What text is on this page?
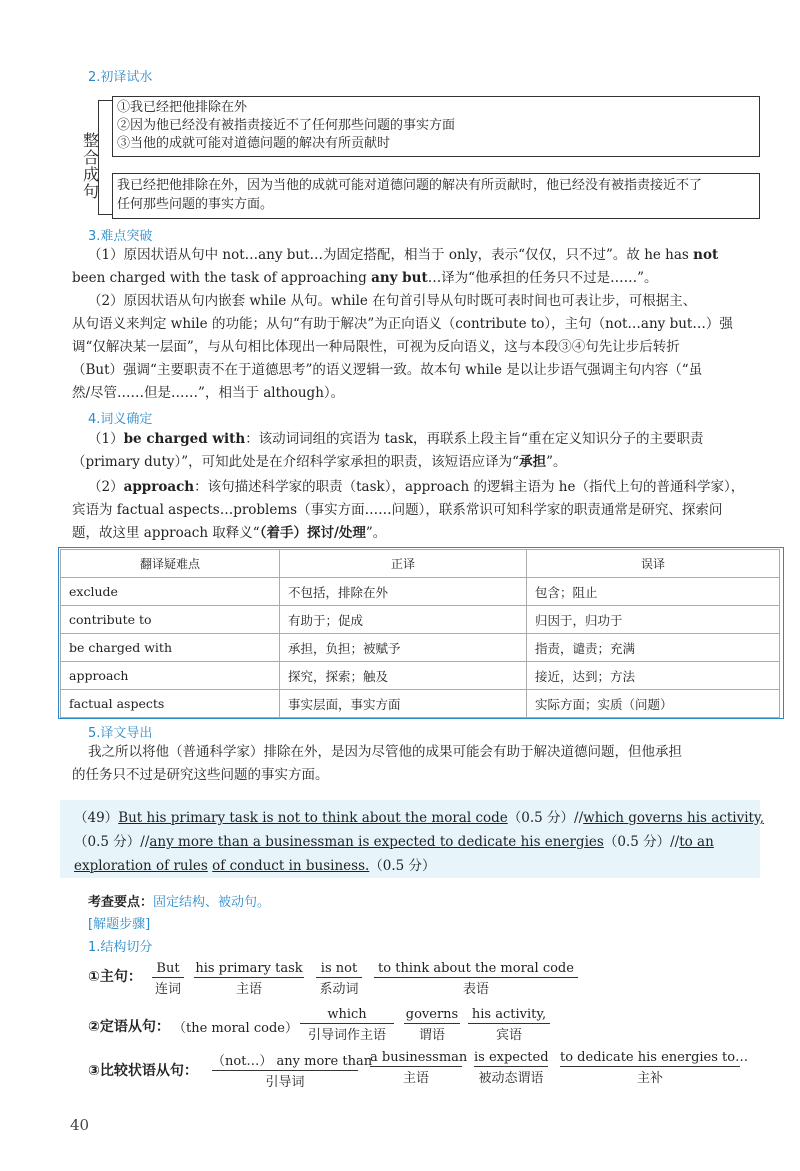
2.初译试水
整
合
成
句
①我已经把他排除在外
②因为他已经没有被指责接近不了任何那些问题的事实方面
③当他的成就可能对道德问题的解决有所贡献时
我已经把他排除在外，因为当他的成就可能对道德问题的解决有所贡献时，他已经没有被指责接近不了
任何那些问题的事实方面。
3.难点突破
（1）原因状语从句中 not…any but…为固定搭配，相当于 only，表示“仅仅，只不过”。故 he has not
been charged with the task of approaching any but…译为“他承担的任务只不过是……”。
（2）原因状语从句内嵌套 while 从句。while 在句首引导从句时既可表时间也可表让步，可根据主、
从句语义来判定 while 的功能；从句“有助于解决”为正向语义（contribute to），主句（not…any but…）强
调“仅解决某一层面”，与从句相比体现出一种局限性，可视为反向语义，这与本段③④句先让步后转折
（But）强调“主要职责不在于道德思考”的语义逻辑一致。故本句 while 是以让步语气强调主句内容（“虽
然/尽管……但是……”，相当于 although）。
4.词义确定
（1）be charged with：该动词词组的宾语为 task，再联系上段主旨“重在定义知识分子的主要职责
（primary duty）”，可知此处是在介绍科学家承担的职责，该短语应译为“承担”。
（2）approach：该句描述科学家的职责（task），approach 的逻辑主语为 he（指代上句的普通科学家），
宾语为 factual aspects…problems（事实方面……问题），联系常识可知科学家的职责通常是研究、探索问
题，故这里 approach 取释义“（着手）探讨/处理”。
翻译疑难点	正译	误译
exclude	不包括，排除在外	包含；阻止
contribute to	有助于；促成	归因于，归功于
be charged with	承担，负担；被赋予	指责，谴责；充满
approach	探究，探索；触及	接近，达到；方法
factual aspects	事实层面，事实方面	实际方面；实质（问题）
5.译文导出
我之所以将他（普通科学家）排除在外，是因为尽管他的成果可能会有助于解决道德问题，但他承担
的任务只不过是研究这些问题的事实方面。
（49）But his primary task is not to think about the moral code（0.5 分）//which governs his activity,
（0.5 分）//any more than a businessman is expected to dedicate his energies（0.5 分）//to an
exploration of rules of conduct in business.（0.5 分）
考查要点：固定结构、被动句。
[解题步骤]
1.结构切分
①主句：
But
连词
his primary task
主语
is not
系动词
to think about the moral code
表语
②定语从句： （the moral code）
which
引导词作主语
governs
谓语
his activity,
宾语
③比较状语从句：
（not…） any more than
引导词
a businessman
主语
is expected
被动态谓语
to dedicate his energies to…
主补
40
